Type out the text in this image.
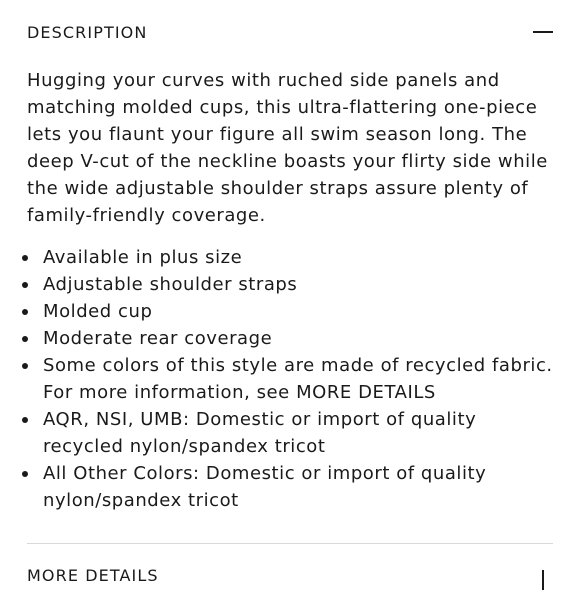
DESCRIPTION

Hugging your curves with ruched side panels and matching molded cups, this ultra-flattering one-piece lets you flaunt your figure all swim season long. The deep V-cut of the neckline boasts your flirty side while the wide adjustable shoulder straps assure plenty of family-friendly coverage.

Available in plus size
Adjustable shoulder straps
Molded cup
Moderate rear coverage
Some colors of this style are made of recycled fabric. For more information, see MORE DETAILS
AQR, NSI, UMB: Domestic or import of quality recycled nylon/spandex tricot
All Other Colors: Domestic or import of quality nylon/spandex tricot
MORE DETAILS
